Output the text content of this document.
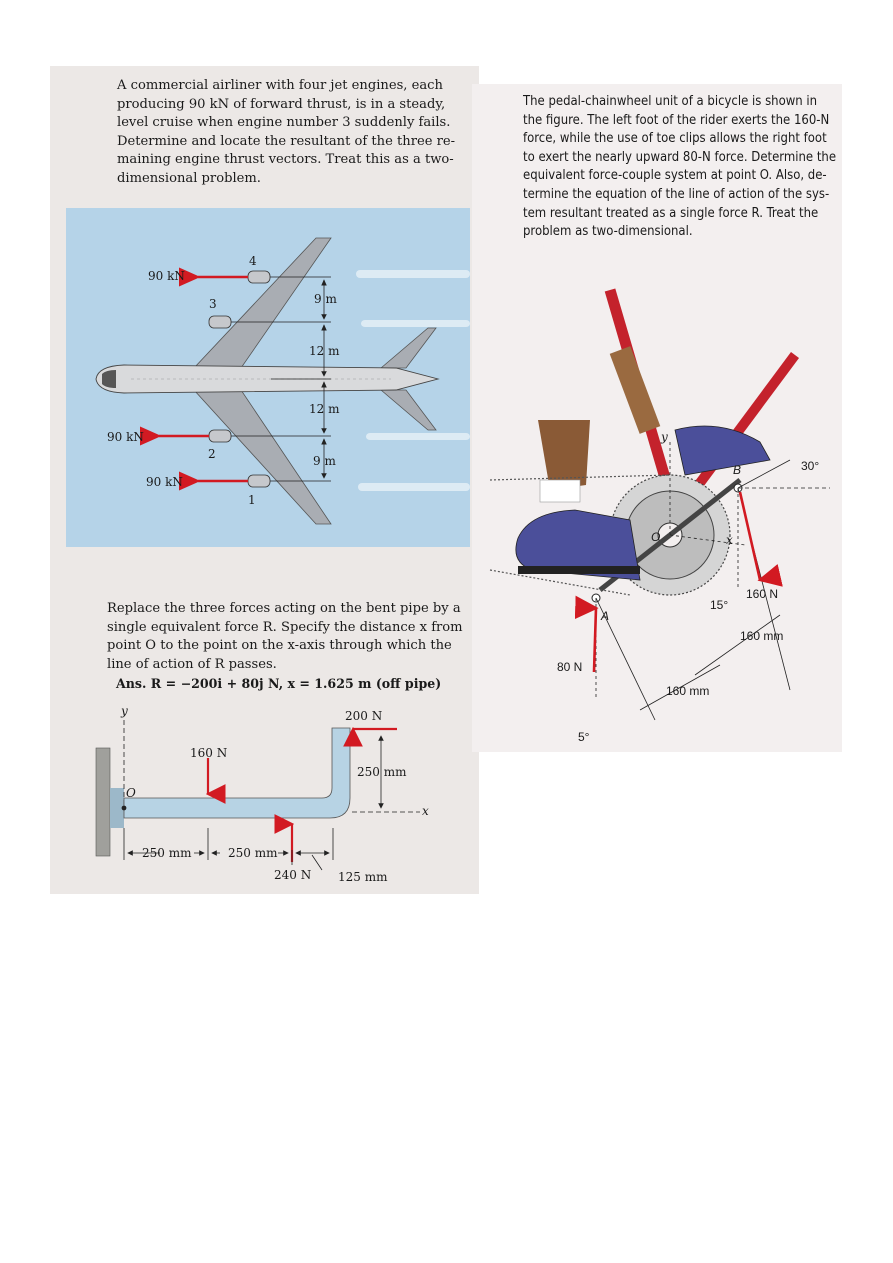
A commercial airliner with four jet engines, each
producing 90 kN of forward thrust, is in a steady,
level cruise when engine number 3 suddenly fails.
Determine and locate the resultant of the three re-
maining engine thrust vectors. Treat this as a two-
dimensional problem.
90 kN
4
3
90 kN
2
90 kN
1
9 m
12 m
12 m
9 m
The pedal-chainwheel unit of a bicycle is shown in
the figure. The left foot of the rider exerts the 160-N
force, while the use of toe clips allows the right foot
to exert the nearly upward 80-N force. Determine the
equivalent force-couple system at point O. Also, de-
termine the equation of the line of action of the sys-
tem resultant treated as a single force R. Treat the
problem as two-dimensional.
30°
B
O
y
x
160 N
15°
A
160 mm
80 N
160 mm
5°
Replace the three forces acting on the bent pipe by a
single equivalent force R. Specify the distance x from
point O to the point on the x-axis through which the
line of action of R passes.
Ans. R = −200i + 80j N, x = 1.625 m (off pipe)
y	200 N
160 N
250 mm
O
x
250 mm	250 mm
240 N 125 mm
